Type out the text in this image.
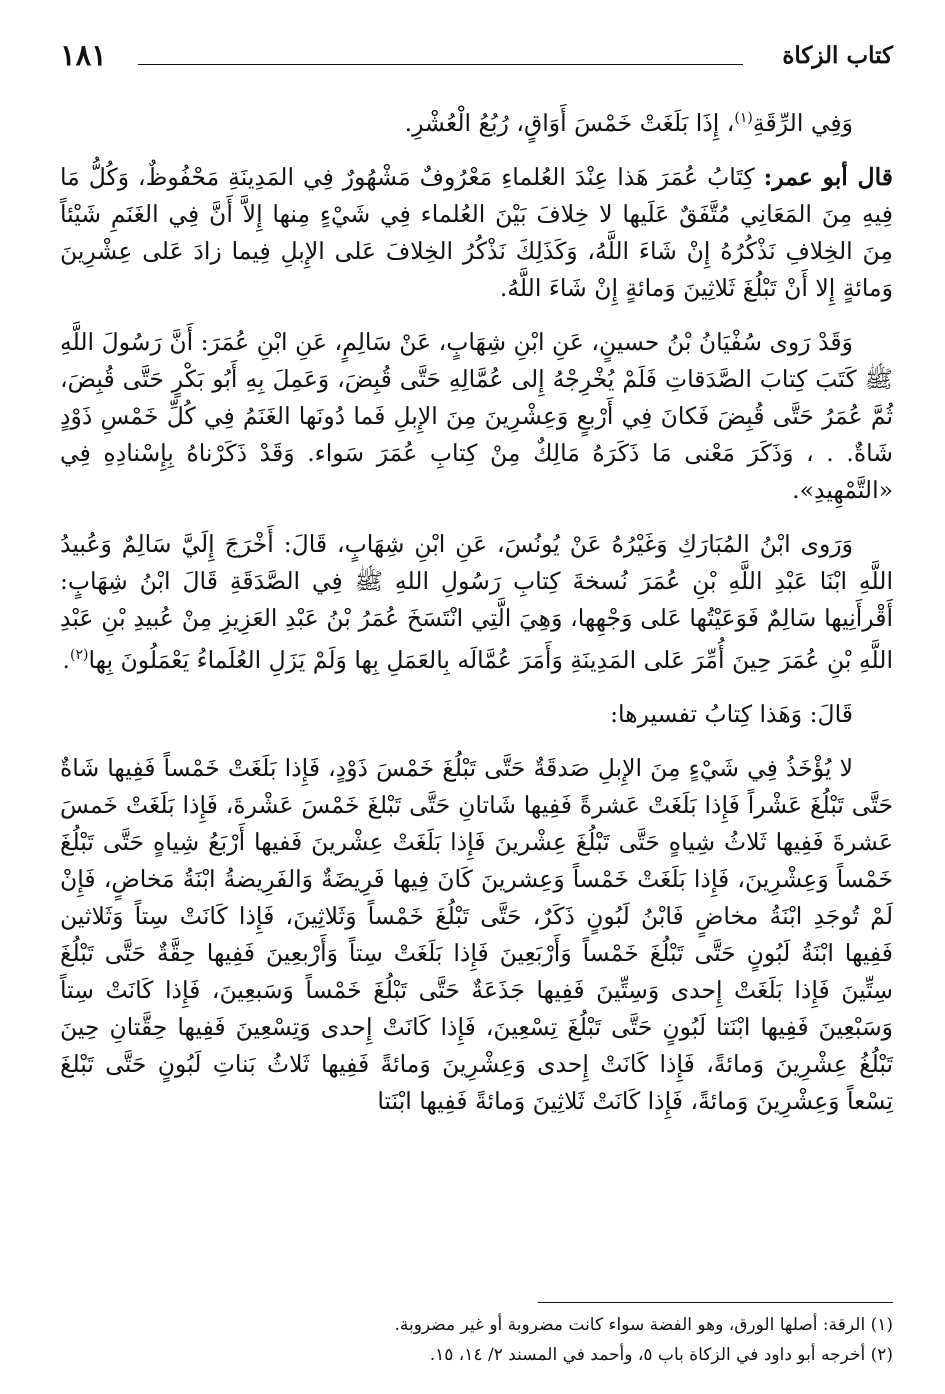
كتاب الزكاة
١٨١

وَفِي الرِّقَةِ$^{(١)}$، إِذَا بَلَغَتْ خَمْسَ أَوَاقٍ، رُبُعُ الْعُشْرِ.

قال أبو عمر: كِتَابُ عُمَرَ هَذا عِنْدَ العُلماءِ مَعْرُوفٌ مَشْهُورٌ فِي المَدِينَةِ مَحْفُوظٌ، وَكُلُّ مَا فِيهِ مِنَ المَعَانِي مُتَّفَقٌ عَلَيها لا خِلافَ بَيْنَ العُلماء فِي شَيْءٍ مِنها إِلاَّ أَنَّ فِي الغَنَمِ شَيْئاً مِنَ الخِلافِ نَذْكُرُهُ إِنْ شَاءَ اللَّهُ، وَكَذَلِكَ نَذْكُرُ الخِلافَ عَلى الإِبلِ فِيما زادَ عَلى عِشْرِينَ وَمائةٍ إِلا أَنْ تَبْلُغَ ثَلاثِينَ وَمائةٍ إِنْ شَاءَ اللَّهُ.

وَقَدْ رَوى سُفْيَانُ بْنُ حسينٍ، عَنِ ابْنِ شِهَابٍ، عَنْ سَالِمٍ، عَنِ ابْنِ عُمَرَ: أَنَّ رَسُولَ اللَّهِ ﷺ كَتَبَ كِتابَ الصَّدَقاتِ فَلَمْ يُخْرِجْهُ إِلى عُمَّالِهِ حَتَّى قُبِضَ، وَعَمِلَ بِهِ أَبُو بَكْرٍ حَتَّى قُبِضَ، ثُمَّ عُمَرُ حَتَّى قُبِضَ فَكانَ فِي أَرْبعٍ وَعِشْرِينَ مِنَ الإِبلِ فَما دُونَها الغَنَمُ فِي كُلِّ خَمْسِ ذَوْدٍ شَاةٌ. . ، وَذَكَرَ مَعْنى مَا ذَكَرَهُ مَالِكٌ مِنْ كِتابِ عُمَرَ سَواء. وَقَدْ ذَكَرْناهُ بِإِسْنادِهِ فِي «التَّمْهِيدِ».

وَرَوى ابْنُ المُبَارَكِ وَغَيْرُهُ عَنْ يُونُسَ، عَنِ ابْنِ شِهَابٍ، قَالَ: أَخْرَجَ إِلَيَّ سَالِمٌ وَعُبيدُ اللَّهِ ابْنَا عَبْدِ اللَّهِ بْنِ عُمَرَ نُسخةَ كِتابِ رَسُولِ اللهِ ﷺ فِي الصَّدَقَةِ قَالَ ابْنُ شِهَابٍ: أَقْرأَنِيها سَالِمٌ فَوَعَيْتُها عَلى وَجْهِها، وَهِيَ الَّتِي انْتَسَخَ عُمَرُ بْنُ عَبْدِ العَزِيزِ مِنْ عُبيدِ بْنِ عَبْدِ اللَّهِ بْنِ عُمَرَ حِينَ أُمِّرَ عَلى المَدِينَةِ وَأَمَرَ عُمَّالَه بِالعَمَلِ بِها وَلَمْ يَزَلِ العُلَماءُ يَعْمَلُونَ بِها$^{(٢)}$.

قَالَ: وَهَذا كِتابُ تفسيرها:

لا يُؤْخَذُ فِي شَيْءٍ مِنَ الإِبلِ صَدقَةٌ حَتَّى تَبْلُغَ خَمْسَ ذَوْدٍ، فَإِذا بَلَغَتْ خَمْساً فَفِيها شَاةٌ حَتَّى تَبْلُغَ عَشْراً فَإِذا بَلَغَتْ عَشرةً فَفِيها شَاتانِ حَتَّى تَبْلغَ خَمْسَ عَشْرةَ، فَإِذا بَلَغَتْ خَمسَ عَشرةَ فَفِيها ثَلاثُ شِياهٍ حَتَّى تَبْلُغَ عِشْرينَ فَإِذا بَلَغَتْ عِشْرينَ فَفيها أَرْبَعُ شِياهٍ حَتَّى تَبْلُغَ خَمْساً وَعِشْرِينَ، فَإِذا بَلَغَتْ خَمْساً وَعِشرينَ كَانَ فِيها فَرِيضَةٌ وَالفَرِيضةُ ابْنَةُ مَخاضٍ، فَإِنْ لَمْ تُوجَدِ ابْنَةُ مخاضٍ فَابْنُ لَبُونٍ ذَكَرٌ، حَتَّى تَبْلُغَ خَمْساً وَثَلاثِينَ، فَإِذا كَانَتْ سِتاً وَثَلاثين فَفِيها ابْنَةُ لَبُونٍ حَتَّى تَبْلُغَ خَمْساً وَأَرْبَعِينَ فَإِذا بَلَغَتْ سِتاً وَأَرْبعِينَ فَفِيها حِقَّةٌ حَتَّى تَبْلُغَ سِتِّينَ فَإِذا بَلَغَتْ إِحدى وَسِتِّينَ فَفِيها جَذَعَةٌ حَتَّى تَبْلُغَ خَمْساً وَسَبعِينَ، فَإِذا كَانَتْ سِتاً وَسَبْعِينَ فَفِيها ابْنَتا لَبُونٍ حَتَّى تَبْلُغَ تِسْعِينَ، فَإِذا كَانَتْ إِحدى وَتِسْعِينَ فَفِيها حِقَّتانِ حِينَ تَبْلُغُ عِشْرِينَ وَمائةً، فَإِذا كَانَتْ إِحدى وَعِشْرِينَ وَمائةً فَفِيها ثَلاثُ بَناتِ لَبُونٍ حَتَّى تَبْلغَ تِسْعاً وَعِشْرِينَ وَمائةً، فَإِذا كَانَتْ ثَلاثِينَ وَمائةً فَفِيها ابْنَتا

(١) الرقة: أصلها الورق، وهو الفضة سواء كانت مضروبة أو غير مضروبة.

(٢) أخرجه أبو داود في الزكاة باب ٥، وأحمد في المسند ٢/ ١٤، ١٥.
